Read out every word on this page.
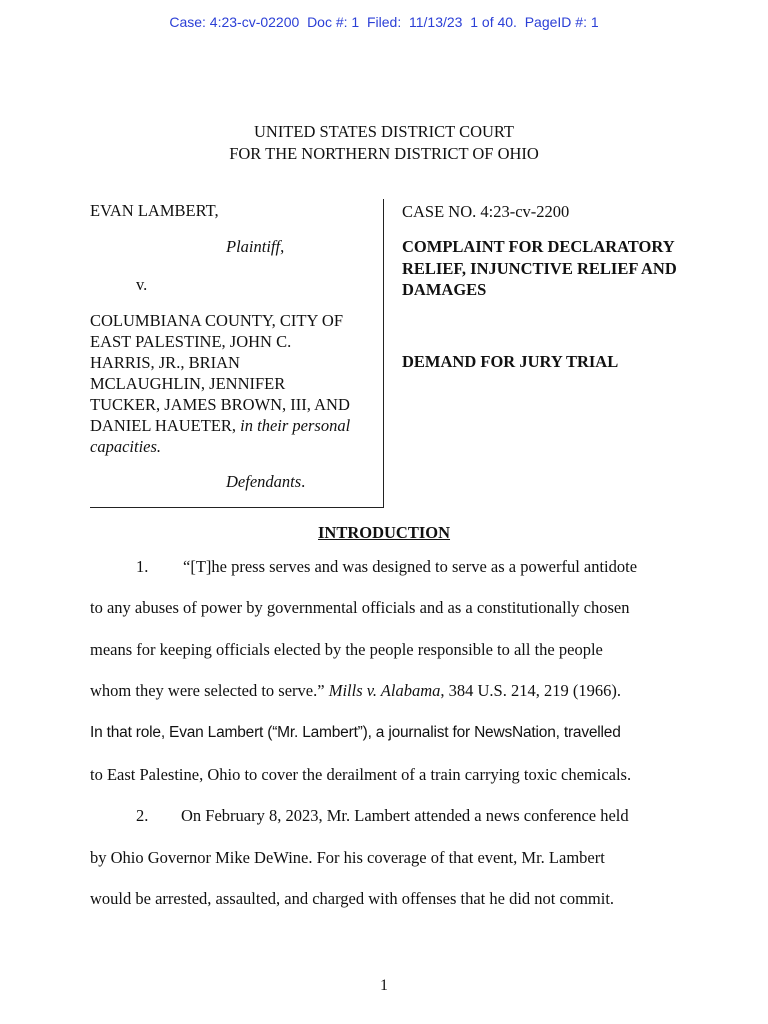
Case: 4:23-cv-02200  Doc #: 1  Filed:  11/13/23  1 of 40.  PageID #: 1
UNITED STATES DISTRICT COURT
FOR THE NORTHERN DISTRICT OF OHIO
EVAN LAMBERT,
Plaintiff,
v.
COLUMBIANA COUNTY, CITY OF
EAST PALESTINE, JOHN C.
HARRIS, JR., BRIAN
MCLAUGHLIN, JENNIFER
TUCKER, JAMES BROWN, III, AND
DANIEL HAUETER, in their personal
capacities.
Defendants.
CASE NO. 4:23-cv-2200
COMPLAINT FOR DECLARATORY
RELIEF, INJUNCTIVE RELIEF AND
DAMAGES
DEMAND FOR JURY TRIAL
INTRODUCTION
1. “[T]he press serves and was designed to serve as a powerful antidote
to any abuses of power by governmental officials and as a constitutionally chosen
means for keeping officials elected by the people responsible to all the people
whom they were selected to serve.” Mills v. Alabama, 384 U.S. 214, 219 (1966).
In that role, Evan Lambert (“Mr. Lambert”), a journalist for NewsNation, travelled
to East Palestine, Ohio to cover the derailment of a train carrying toxic chemicals.
2. On February 8, 2023, Mr. Lambert attended a news conference held
by Ohio Governor Mike DeWine. For his coverage of that event, Mr. Lambert
would be arrested, assaulted, and charged with offenses that he did not commit.
1
